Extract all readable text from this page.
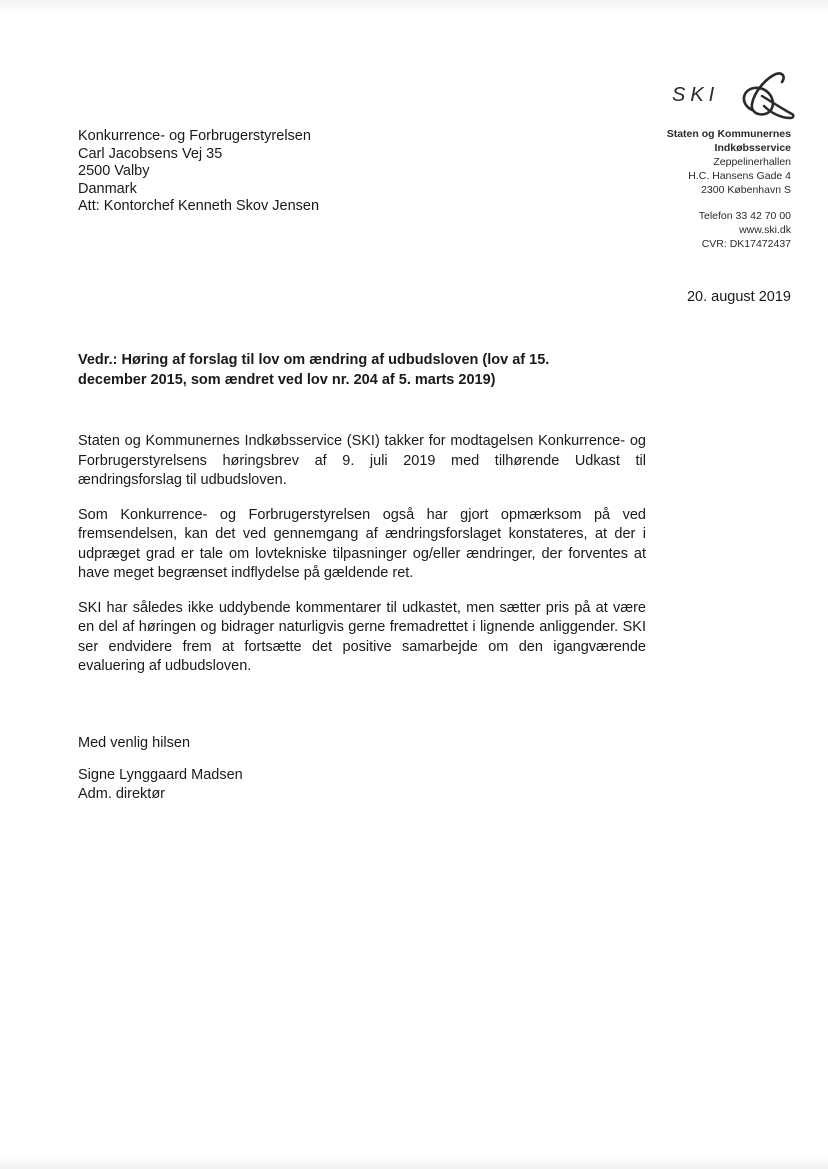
SKI
Staten og Kommunernes
Indkøbsservice
Zeppelinerhallen
H.C. Hansens Gade 4
2300 København S
Telefon 33 42 70 00
www.ski.dk
CVR: DK17472437
Konkurrence- og Forbrugerstyrelsen
Carl Jacobsens Vej 35
2500 Valby
Danmark
Att: Kontorchef Kenneth Skov Jensen
20. august 2019
Vedr.: Høring af forslag til lov om ændring af udbudsloven (lov af 15.
december 2015, som ændret ved lov nr. 204 af 5. marts 2019)

Staten og Kommunernes Indkøbsservice (SKI) takker for modtagelsen Konkurrence- og Forbrugerstyrelsens høringsbrev af 9. juli 2019 med tilhørende Udkast til ændringsforslag til udbudsloven.

Som Konkurrence- og Forbrugerstyrelsen også har gjort opmærksom på ved fremsendelsen, kan det ved gennemgang af ændringsforslaget konstateres, at der i udpræget grad er tale om lovtekniske tilpasninger og/eller ændringer, der forventes at have meget begrænset indflydelse på gældende ret.

SKI har således ikke uddybende kommentarer til udkastet, men sætter pris på at være en del af høringen og bidrager naturligvis gerne fremadrettet i lignende anliggender. SKI ser endvidere frem at fortsætte det positive samarbejde om den igangværende evaluering af udbudsloven.

Med venlig hilsen
Signe Lynggaard Madsen
Adm. direktør
